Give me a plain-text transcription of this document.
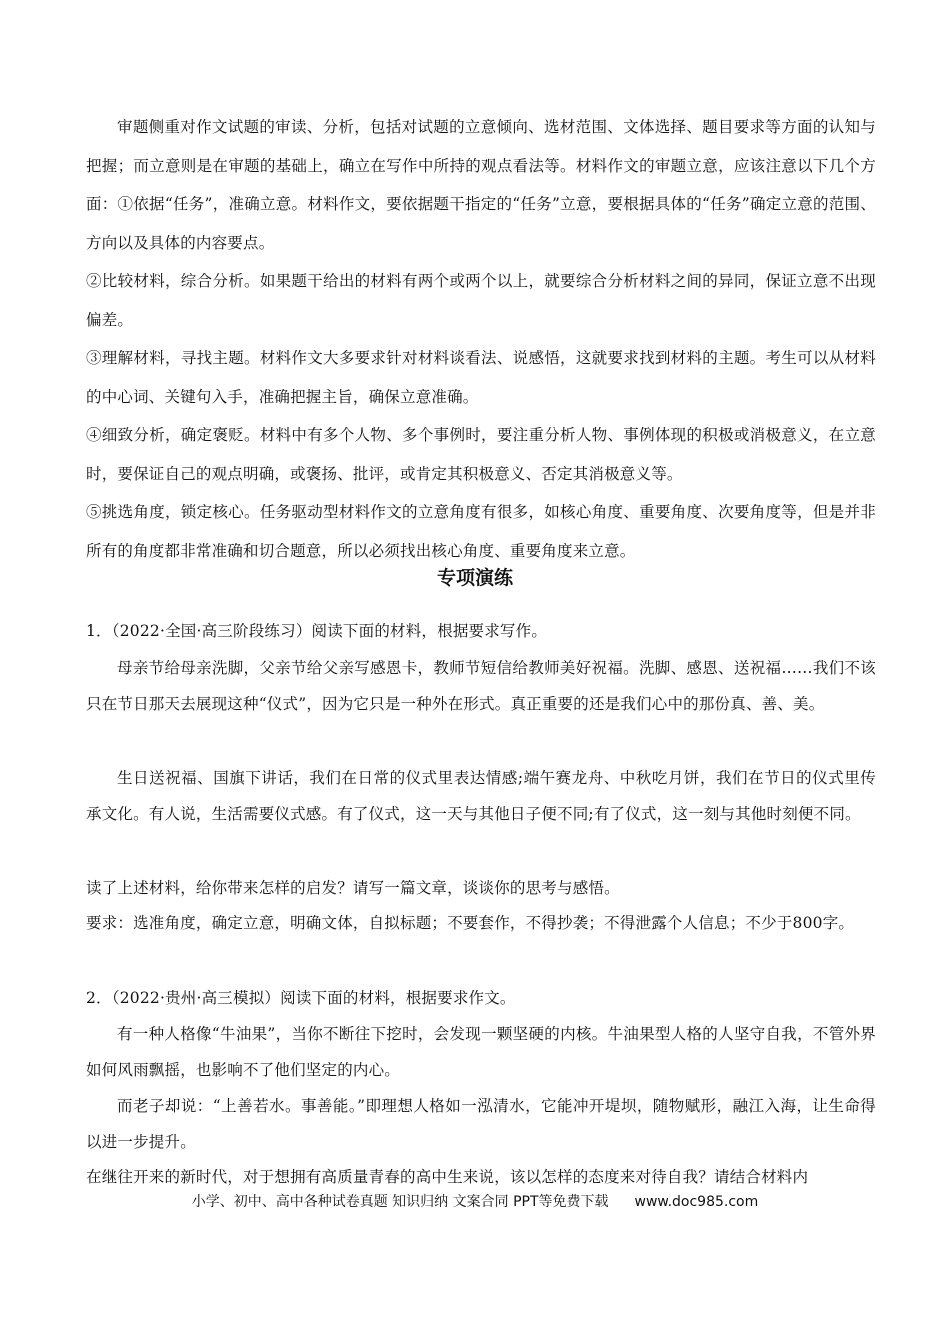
审题侧重对作文试题的审读、分析，包括对试题的立意倾向、选材范围、文体选择、题目要求等方面的认知与把握；而立意则是在审题的基础上，确立在写作中所持的观点看法等。材料作文的审题立意，应该注意以下几个方面：①依据“任务”，准确立意。材料作文，要依据题干指定的“任务”立意，要根据具体的“任务”确定立意的范围、方向以及具体的内容要点。

②比较材料，综合分析。如果题干给出的材料有两个或两个以上，就要综合分析材料之间的异同，保证立意不出现偏差。

③理解材料，寻找主题。材料作文大多要求针对材料谈看法、说感悟，这就要求找到材料的主题。考生可以从材料的中心词、关键句入手，准确把握主旨，确保立意准确。

④细致分析，确定褒贬。材料中有多个人物、多个事例时，要注重分析人物、事例体现的积极或消极意义，在立意时，要保证自己的观点明确，或褒扬、批评，或肯定其积极意义、否定其消极意义等。

⑤挑选角度，锁定核心。任务驱动型材料作文的立意角度有很多，如核心角度、重要角度、次要角度等，但是并非所有的角度都非常准确和切合题意，所以必须找出核心角度、重要角度来立意。

专项演练

1．（2022·全国·高三阶段练习）阅读下面的材料，根据要求写作。

母亲节给母亲洗脚，父亲节给父亲写感恩卡，教师节短信给教师美好祝福。洗脚、感恩、送祝福……我们不该只在节日那天去展现这种“仪式”，因为它只是一种外在形式。真正重要的还是我们心中的那份真、善、美。

生日送祝福、国旗下讲话，我们在日常的仪式里表达情感;端午赛龙舟、中秋吃月饼，我们在节日的仪式里传承文化。有人说，生活需要仪式感。有了仪式，这一天与其他日子便不同;有了仪式，这一刻与其他时刻便不同。

读了上述材料，给你带来怎样的启发？请写一篇文章，谈谈你的思考与感悟。

要求：选准角度，确定立意，明确文体，自拟标题；不要套作，不得抄袭；不得泄露个人信息；不少于800字。

2．（2022·贵州·高三模拟）阅读下面的材料，根据要求作文。

有一种人格像“牛油果”，当你不断往下挖时，会发现一颗坚硬的内核。牛油果型人格的人坚守自我，不管外界如何风雨飘摇，也影响不了他们坚定的内心。

而老子却说：“上善若水。事善能。”即理想人格如一泓清水，它能冲开堤坝，随物赋形，融江入海，让生命得以进一步提升。

在继往开来的新时代，对于想拥有高质量青春的高中生来说，该以怎样的态度来对待自我？请结合材料内

小学、初中、高中各种试卷真题 知识归纳 文案合同 PPT等免费下载 www.doc985.com
